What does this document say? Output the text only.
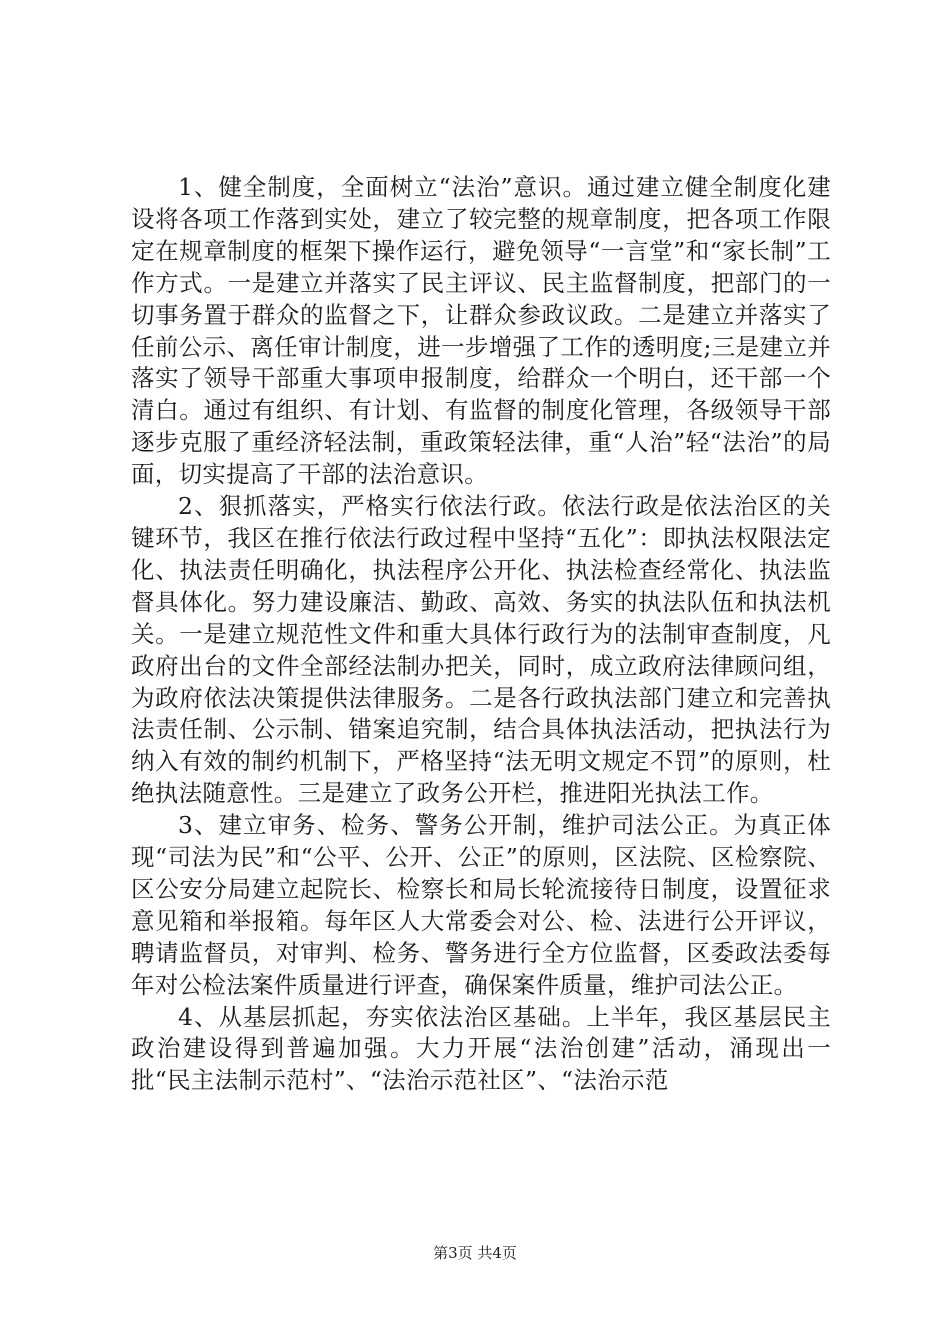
1、健全制度，全面树立“法治”意识。通过建立健全制度化建设将各项工作落到实处，建立了较完整的规章制度，把各项工作限定在规章制度的框架下操作运行，避免领导“一言堂”和“家长制”工作方式。一是建立并落实了民主评议、民主监督制度，把部门的一切事务置于群众的监督之下，让群众参政议政。二是建立并落实了任前公示、离任审计制度，进一步增强了工作的透明度;三是建立并落实了领导干部重大事项申报制度，给群众一个明白，还干部一个清白。通过有组织、有计划、有监督的制度化管理，各级领导干部逐步克服了重经济轻法制，重政策轻法律，重“人治”轻“法治”的局面，切实提高了干部的法治意识。

2、狠抓落实，严格实行依法行政。依法行政是依法治区的关键环节，我区在推行依法行政过程中坚持“五化”：即执法权限法定化、执法责任明确化，执法程序公开化、执法检查经常化、执法监督具体化。努力建设廉洁、勤政、高效、务实的执法队伍和执法机关。一是建立规范性文件和重大具体行政行为的法制审查制度，凡政府出台的文件全部经法制办把关，同时，成立政府法律顾问组，为政府依法决策提供法律服务。二是各行政执法部门建立和完善执法责任制、公示制、错案追究制，结合具体执法活动，把执法行为纳入有效的制约机制下，严格坚持“法无明文规定不罚”的原则，杜绝执法随意性。三是建立了政务公开栏，推进阳光执法工作。

3、建立审务、检务、警务公开制，维护司法公正。为真正体现“司法为民”和“公平、公开、公正”的原则，区法院、区检察院、区公安分局建立起院长、检察长和局长轮流接待日制度，设置征求意见箱和举报箱。每年区人大常委会对公、检、法进行公开评议，聘请监督员，对审判、检务、警务进行全方位监督，区委政法委每年对公检法案件质量进行评查，确保案件质量，维护司法公正。

4、从基层抓起，夯实依法治区基础。上半年，我区基层民主政治建设得到普遍加强。大力开展“法治创建”活动，涌现出一批“民主法制示范村”、“法治示范社区”、“法治示范

第3页 共4页
